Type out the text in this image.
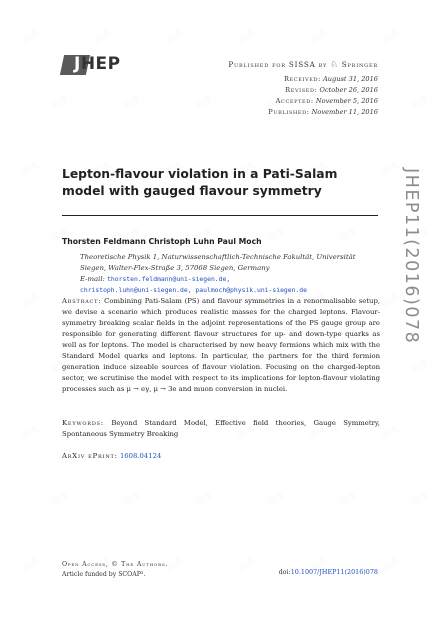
JHEP	Published for SISSA by ♘ Springer
Received: August 31, 2016
Revised: October 26, 2016
Accepted: November 5, 2016
Published: November 11, 2016
JHEP11(2016)078
Lepton-flavour violation in a Pati-Salam model with gauged flavour symmetry
Thorsten Feldmann Christoph Luhn Paul Moch
Theoretische Physik 1, Naturwissenschaftlich-Technische Fakultät, Universität Siegen, Walter-Flex-Straße 3, 57068 Siegen, Germany
E-mail: thorsten.feldmann@uni-siegen.de,
christoph.luhn@uni-siegen.de, paulmoch@physik.uni-siegen.de
Abstract: Combining Pati-Salam (PS) and flavour symmetries in a renormalisable setup, we devise a scenario which produces realistic masses for the charged leptons. Flavour-symmetry breaking scalar fields in the adjoint representations of the PS gauge group are responsible for generating different flavour structures for up- and down-type quarks as well as for leptons. The model is characterised by new heavy fermions which mix with the Standard Model quarks and leptons. In particular, the partners for the third fermion generation induce sizeable sources of flavour violation. Focusing on the charged-lepton sector, we scrutinise the model with respect to its implications for lepton-flavour violating processes such as μ → eγ, μ → 3e and muon conversion in nuclei.
Keywords: Beyond Standard Model, Effective field theories, Gauge Symmetry, Spontaneous Symmetry Breaking
ArXiv ePrint: 1608.04124
Open Access, © The Authors.
Article funded by SCOAP³.	doi:10.1007/JHEP11(2016)078
